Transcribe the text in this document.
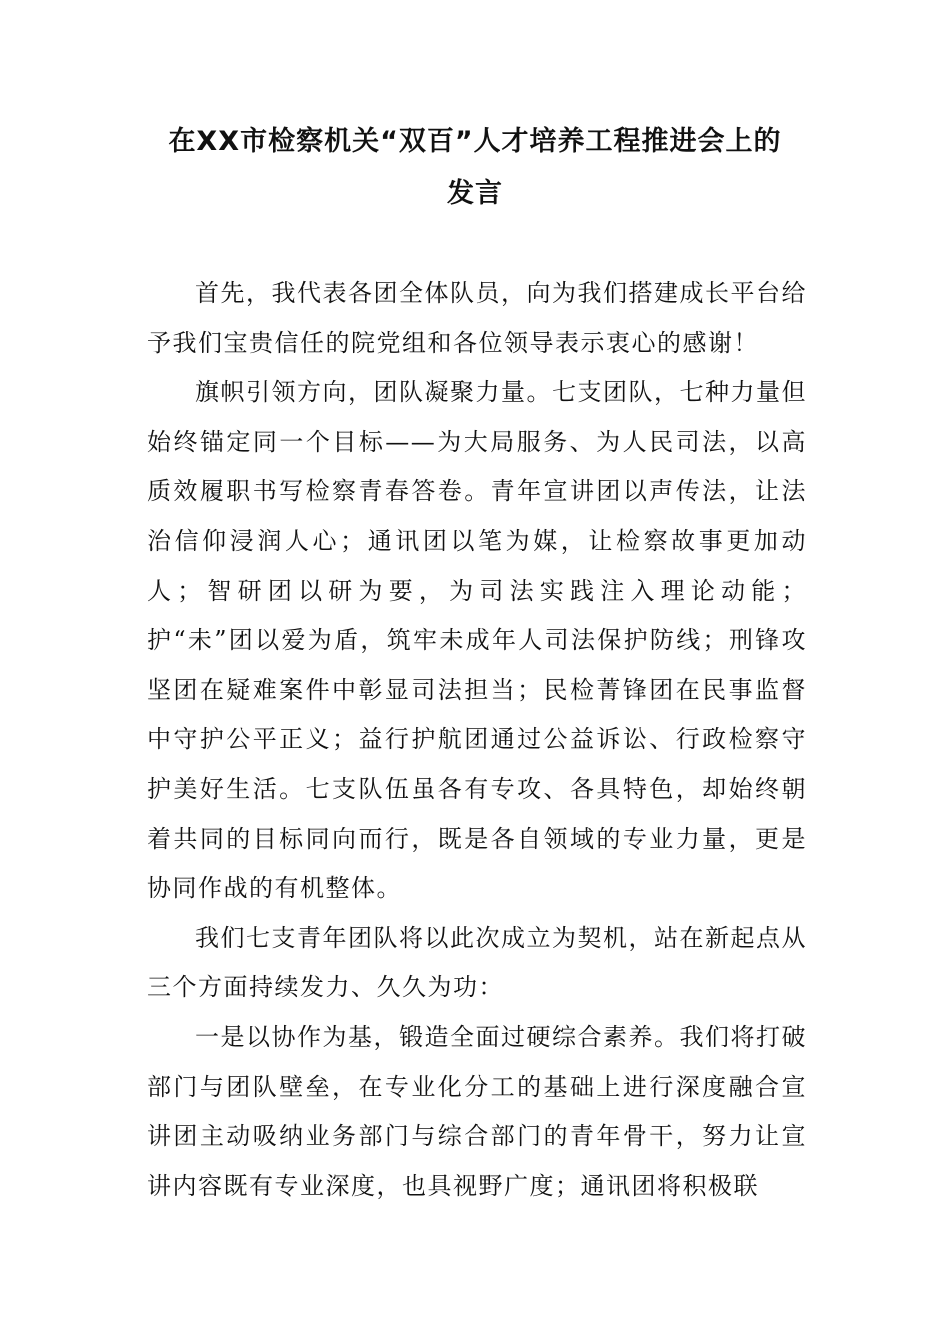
在XX市检察机关“双百”人才培养工程推进会上的
发言

首先，我代表各团全体队员，向为我们搭建成长平台给予我们宝贵信任的院党组和各位领导表示衷心的感谢！

旗帜引领方向，团队凝聚力量。七支团队，七种力量但始终锚定同一个目标——为大局服务、为人民司法，以高质效履职书写检察青春答卷。青年宣讲团以声传法，让法治信仰浸润人心；通讯团以笔为媒，让检察故事更加动人；智研团以研为要，为司法实践注入理论动能；护“未”团以爱为盾，筑牢未成年人司法保护防线；刑锋攻坚团在疑难案件中彰显司法担当；民检菁锋团在民事监督中守护公平正义；益行护航团通过公益诉讼、行政检察守护美好生活。七支队伍虽各有专攻、各具特色，却始终朝着共同的目标同向而行，既是各自领域的专业力量，更是协同作战的有机整体。

我们七支青年团队将以此次成立为契机，站在新起点从三个方面持续发力、久久为功：

一是以协作为基，锻造全面过硬综合素养。我们将打破部门与团队壁垒，在专业化分工的基础上进行深度融合宣讲团主动吸纳业务部门与综合部门的青年骨干，努力让宣讲内容既有专业深度，也具视野广度；通讯团将积极联
